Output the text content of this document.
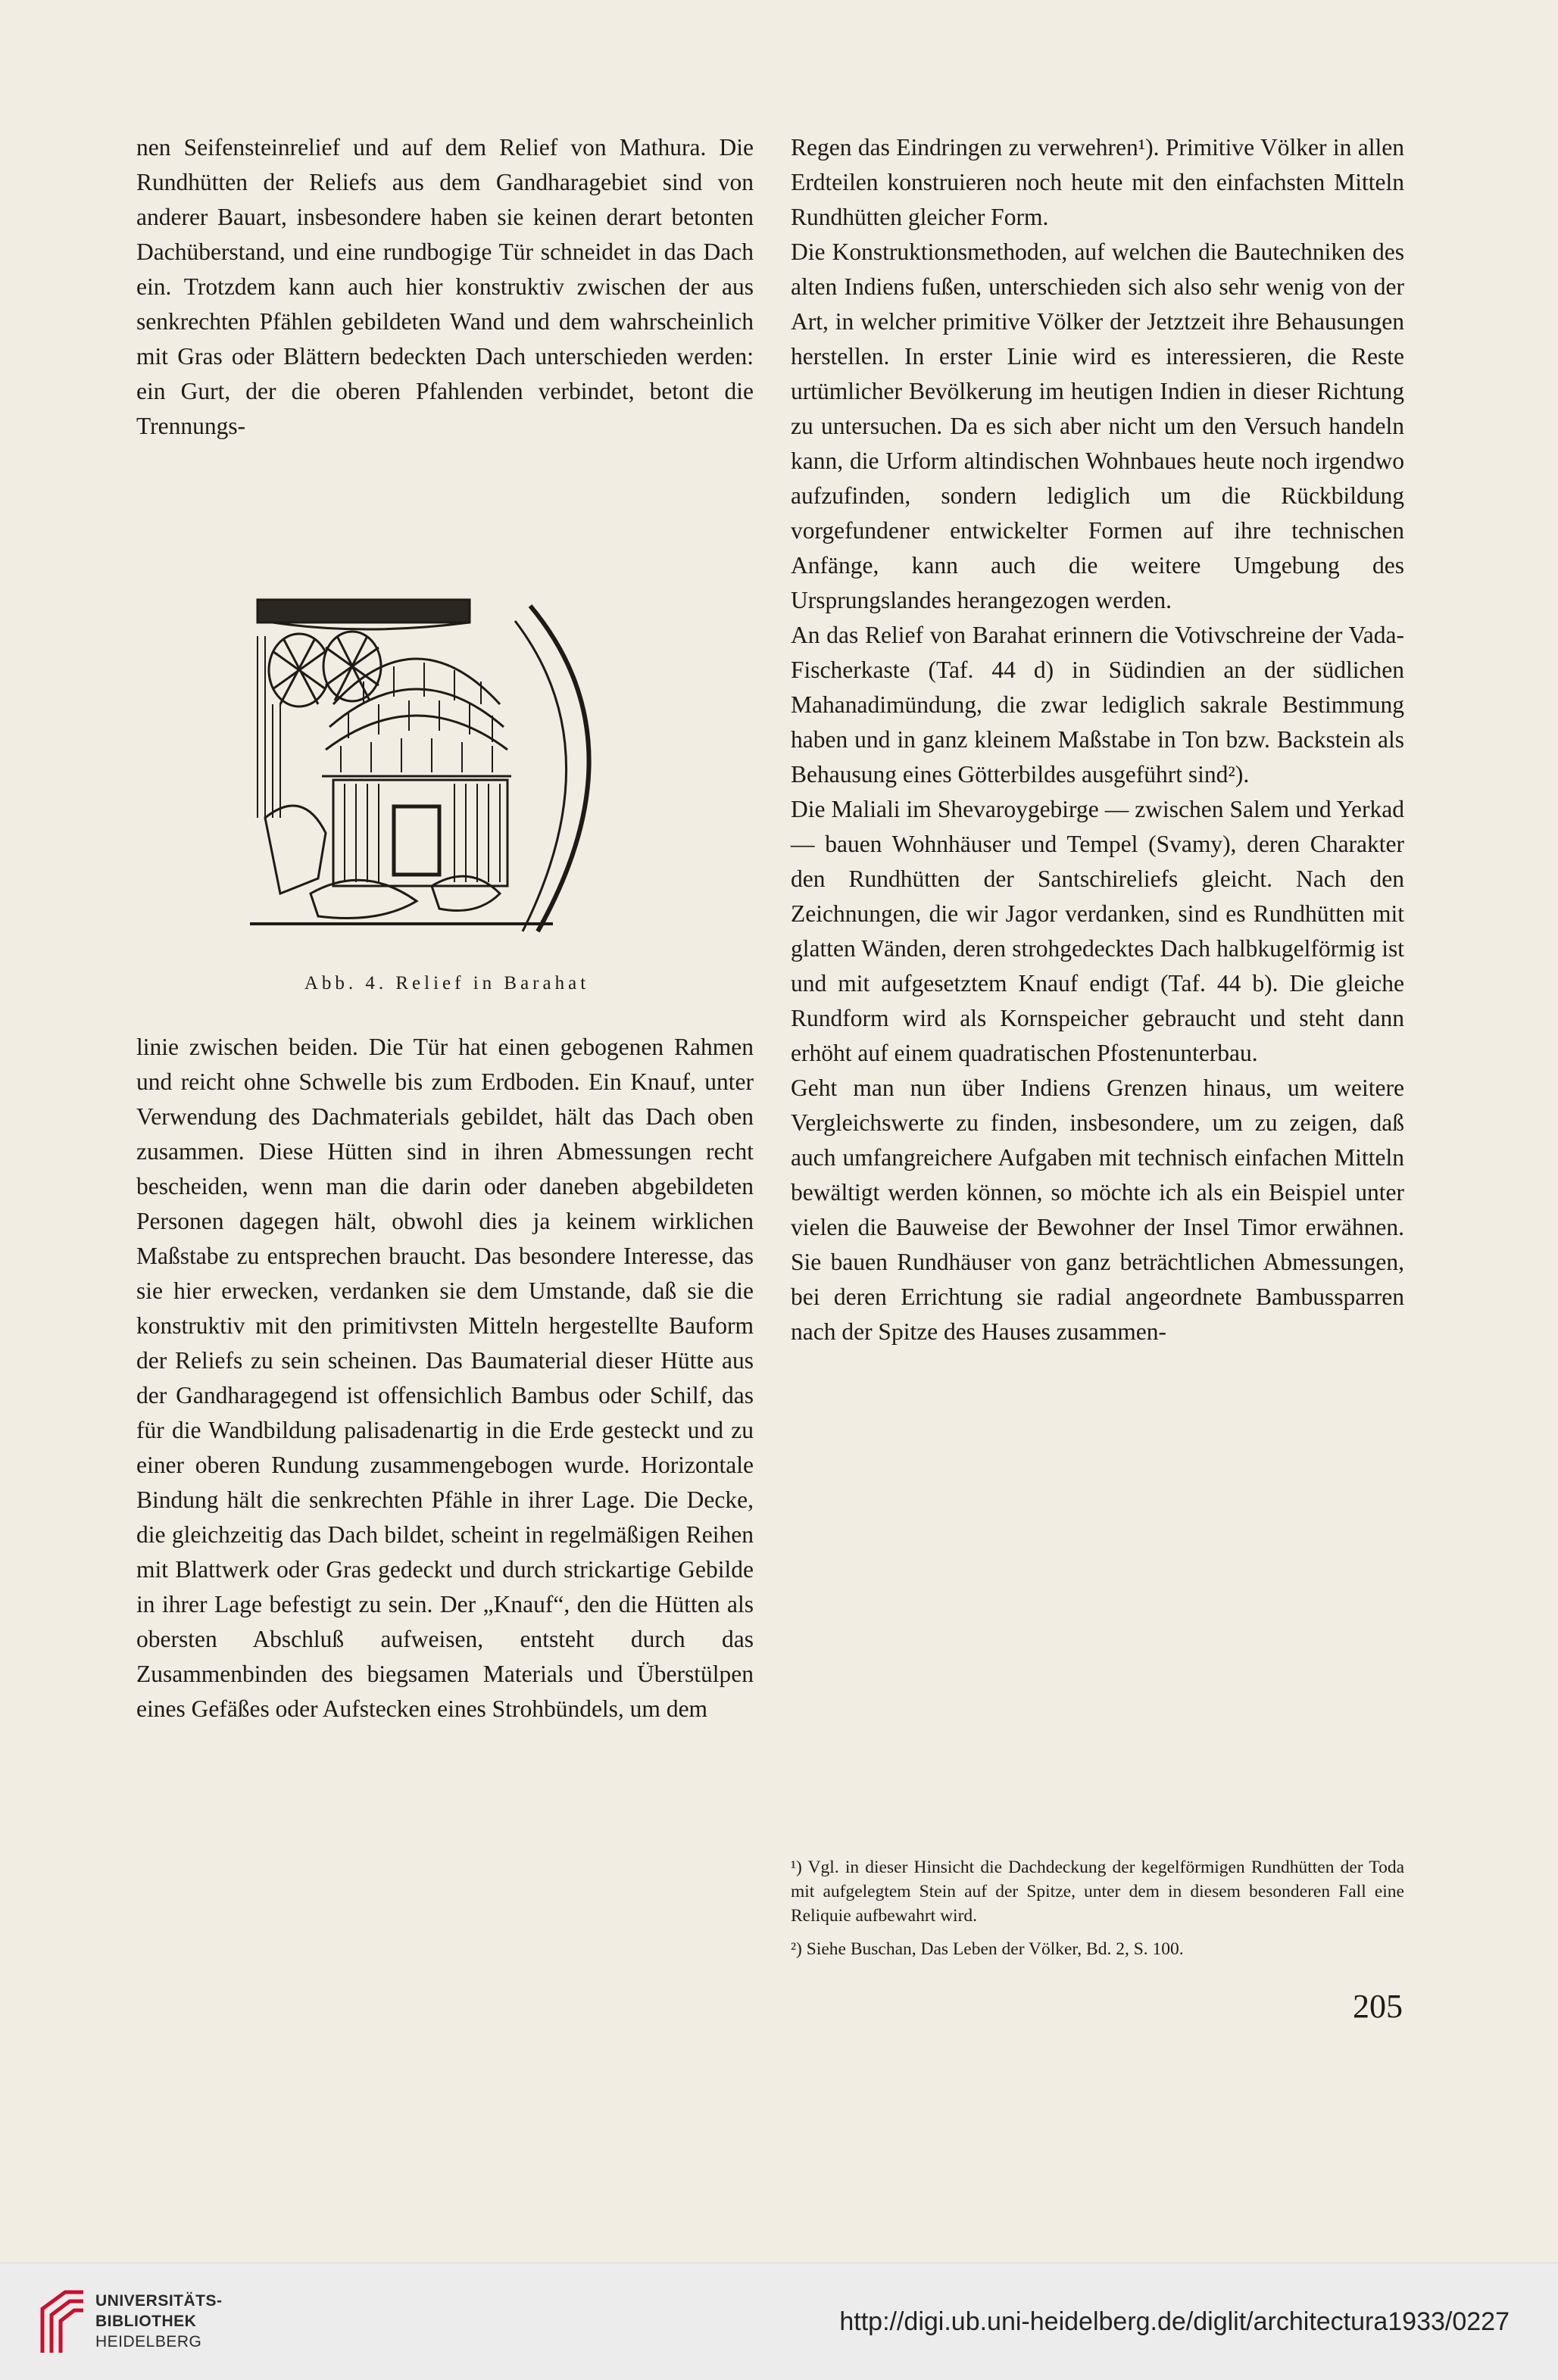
nen Seifensteinrelief und auf dem Relief von Mathura. Die Rundhütten der Reliefs aus dem Gandharagebiet sind von anderer Bauart, insbesondere haben sie keinen derart betonten Dachüberstand, und eine rundbogige Tür schneidet in das Dach ein. Trotzdem kann auch hier konstruktiv zwischen der aus senkrechten Pfählen gebildeten Wand und dem wahrscheinlich mit Gras oder Blättern bedeckten Dach unterschieden werden: ein Gurt, der die oberen Pfahlenden verbindet, betont die Trennungs-

Abb. 4. Relief in Barahat

linie zwischen beiden. Die Tür hat einen gebogenen Rahmen und reicht ohne Schwelle bis zum Erdboden. Ein Knauf, unter Verwendung des Dachmaterials gebildet, hält das Dach oben zusammen. Diese Hütten sind in ihren Abmessungen recht bescheiden, wenn man die darin oder daneben abgebildeten Personen dagegen hält, obwohl dies ja keinem wirklichen Maßstabe zu entsprechen braucht. Das besondere Interesse, das sie hier erwecken, verdanken sie dem Umstande, daß sie die konstruktiv mit den primitivsten Mitteln hergestellte Bauform der Reliefs zu sein scheinen. Das Baumaterial dieser Hütte aus der Gandharagegend ist offensichlich Bambus oder Schilf, das für die Wandbildung palisadenartig in die Erde gesteckt und zu einer oberen Rundung zusammengebogen wurde. Horizontale Bindung hält die senkrechten Pfähle in ihrer Lage. Die Decke, die gleichzeitig das Dach bildet, scheint in regelmäßigen Reihen mit Blattwerk oder Gras gedeckt und durch strickartige Gebilde in ihrer Lage befestigt zu sein. Der „Knauf“, den die Hütten als obersten Abschluß aufweisen, entsteht durch das Zusammenbinden des biegsamen Materials und Überstülpen eines Gefäßes oder Aufstecken eines Strohbündels, um dem

Regen das Eindringen zu verwehren¹). Primitive Völker in allen Erdteilen konstruieren noch heute mit den einfachsten Mitteln Rundhütten gleicher Form.

Die Konstruktionsmethoden, auf welchen die Bautechniken des alten Indiens fußen, unterschieden sich also sehr wenig von der Art, in welcher primitive Völker der Jetztzeit ihre Behausungen herstellen. In erster Linie wird es interessieren, die Reste urtümlicher Bevölkerung im heutigen Indien in dieser Richtung zu untersuchen. Da es sich aber nicht um den Versuch handeln kann, die Urform altindischen Wohnbaues heute noch irgendwo aufzufinden, sondern lediglich um die Rückbildung vorgefundener entwickelter Formen auf ihre technischen Anfänge, kann auch die weitere Umgebung des Ursprungslandes herangezogen werden.

An das Relief von Barahat erinnern die Votivschreine der Vada-Fischerkaste (Taf. 44 d) in Südindien an der südlichen Mahanadimündung, die zwar lediglich sakrale Bestimmung haben und in ganz kleinem Maßstabe in Ton bzw. Backstein als Behausung eines Götterbildes ausgeführt sind²).

Die Maliali im Shevaroygebirge — zwischen Salem und Yerkad — bauen Wohnhäuser und Tempel (Svamy), deren Charakter den Rundhütten der Santschireliefs gleicht. Nach den Zeichnungen, die wir Jagor verdanken, sind es Rundhütten mit glatten Wänden, deren strohgedecktes Dach halbkugelförmig ist und mit aufgesetztem Knauf endigt (Taf. 44 b). Die gleiche Rundform wird als Kornspeicher gebraucht und steht dann erhöht auf einem quadratischen Pfostenunterbau.

Geht man nun über Indiens Grenzen hinaus, um weitere Vergleichswerte zu finden, insbesondere, um zu zeigen, daß auch umfangreichere Aufgaben mit technisch einfachen Mitteln bewältigt werden können, so möchte ich als ein Beispiel unter vielen die Bauweise der Bewohner der Insel Timor erwähnen. Sie bauen Rundhäuser von ganz beträchtlichen Abmessungen, bei deren Errichtung sie radial angeordnete Bambussparren nach der Spitze des Hauses zusammen-

¹) Vgl. in dieser Hinsicht die Dachdeckung der kegelförmigen Rundhütten der Toda mit aufgelegtem Stein auf der Spitze, unter dem in diesem besonderen Fall eine Reliquie aufbewahrt wird.

²) Siehe Buschan, Das Leben der Völker, Bd. 2, S. 100.

205
UNIVERSITÄTS-
BIBLIOTHEK
HEIDELBERG
http://digi.ub.uni-heidelberg.de/diglit/architectura1933/0227
